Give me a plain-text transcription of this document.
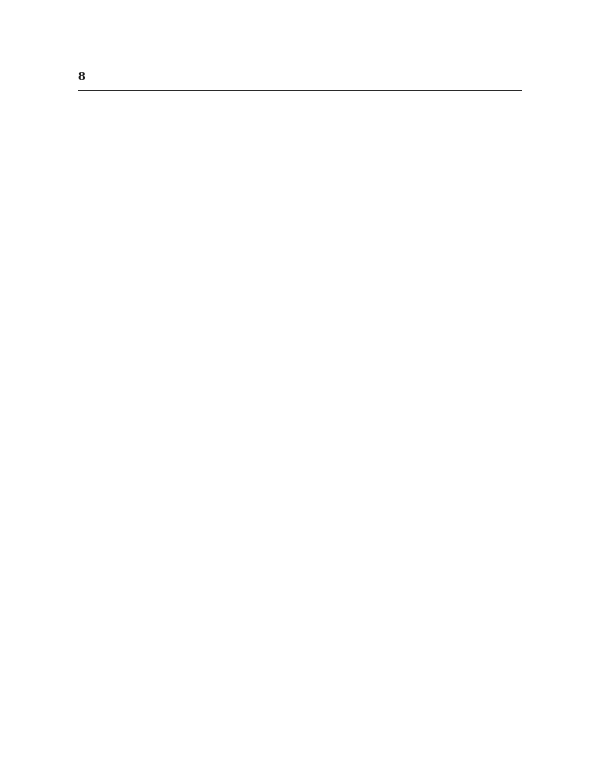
8
